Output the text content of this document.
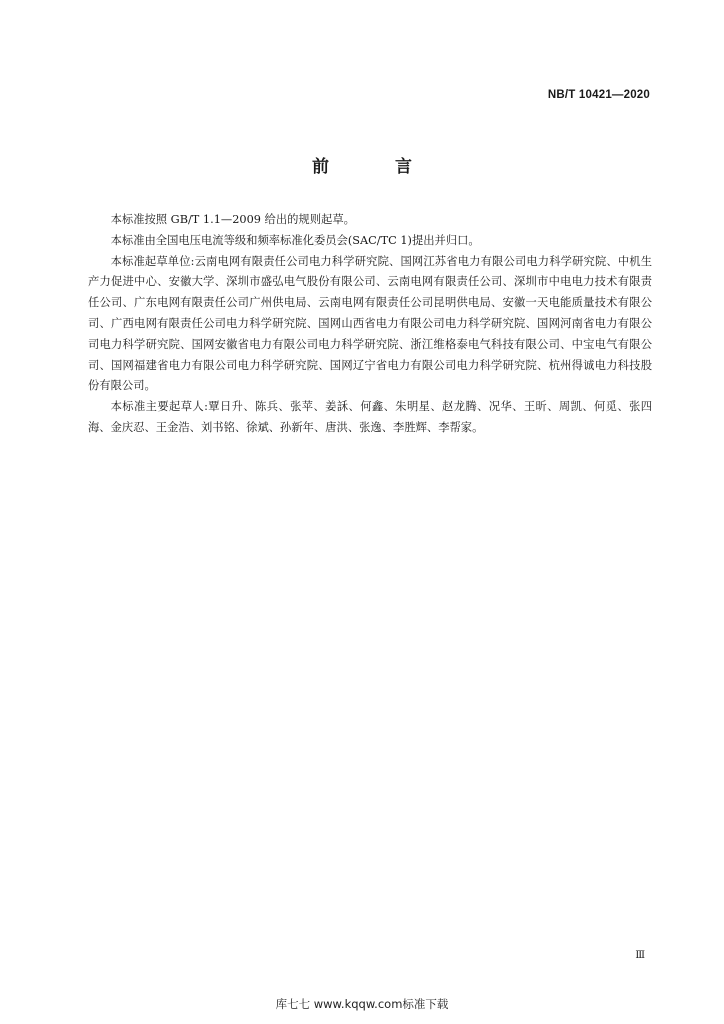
NB/T 10421—2020
前 言

本标准按照 GB/T 1.1—2009 给出的规则起草。

本标准由全国电压电流等级和频率标准化委员会(SAC/TC 1)提出并归口。

本标准起草单位:云南电网有限责任公司电力科学研究院、国网江苏省电力有限公司电力科学研究院、中机生产力促进中心、安徽大学、深圳市盛弘电气股份有限公司、云南电网有限责任公司、深圳市中电电力技术有限责任公司、广东电网有限责任公司广州供电局、云南电网有限责任公司昆明供电局、安徽一天电能质量技术有限公司、广西电网有限责任公司电力科学研究院、国网山西省电力有限公司电力科学研究院、国网河南省电力有限公司电力科学研究院、国网安徽省电力有限公司电力科学研究院、浙江维格泰电气科技有限公司、中宝电气有限公司、国网福建省电力有限公司电力科学研究院、国网辽宁省电力有限公司电力科学研究院、杭州得诚电力科技股份有限公司。

本标准主要起草人:覃日升、陈兵、张苹、姜訸、何鑫、朱明星、赵龙腾、况华、王昕、周凯、何觅、张四海、金庆忍、王金浩、刘书铭、徐斌、孙新年、唐洪、张逸、李胜辉、李帮家。

Ⅲ
库七七 www.kqqw.com标准下载
